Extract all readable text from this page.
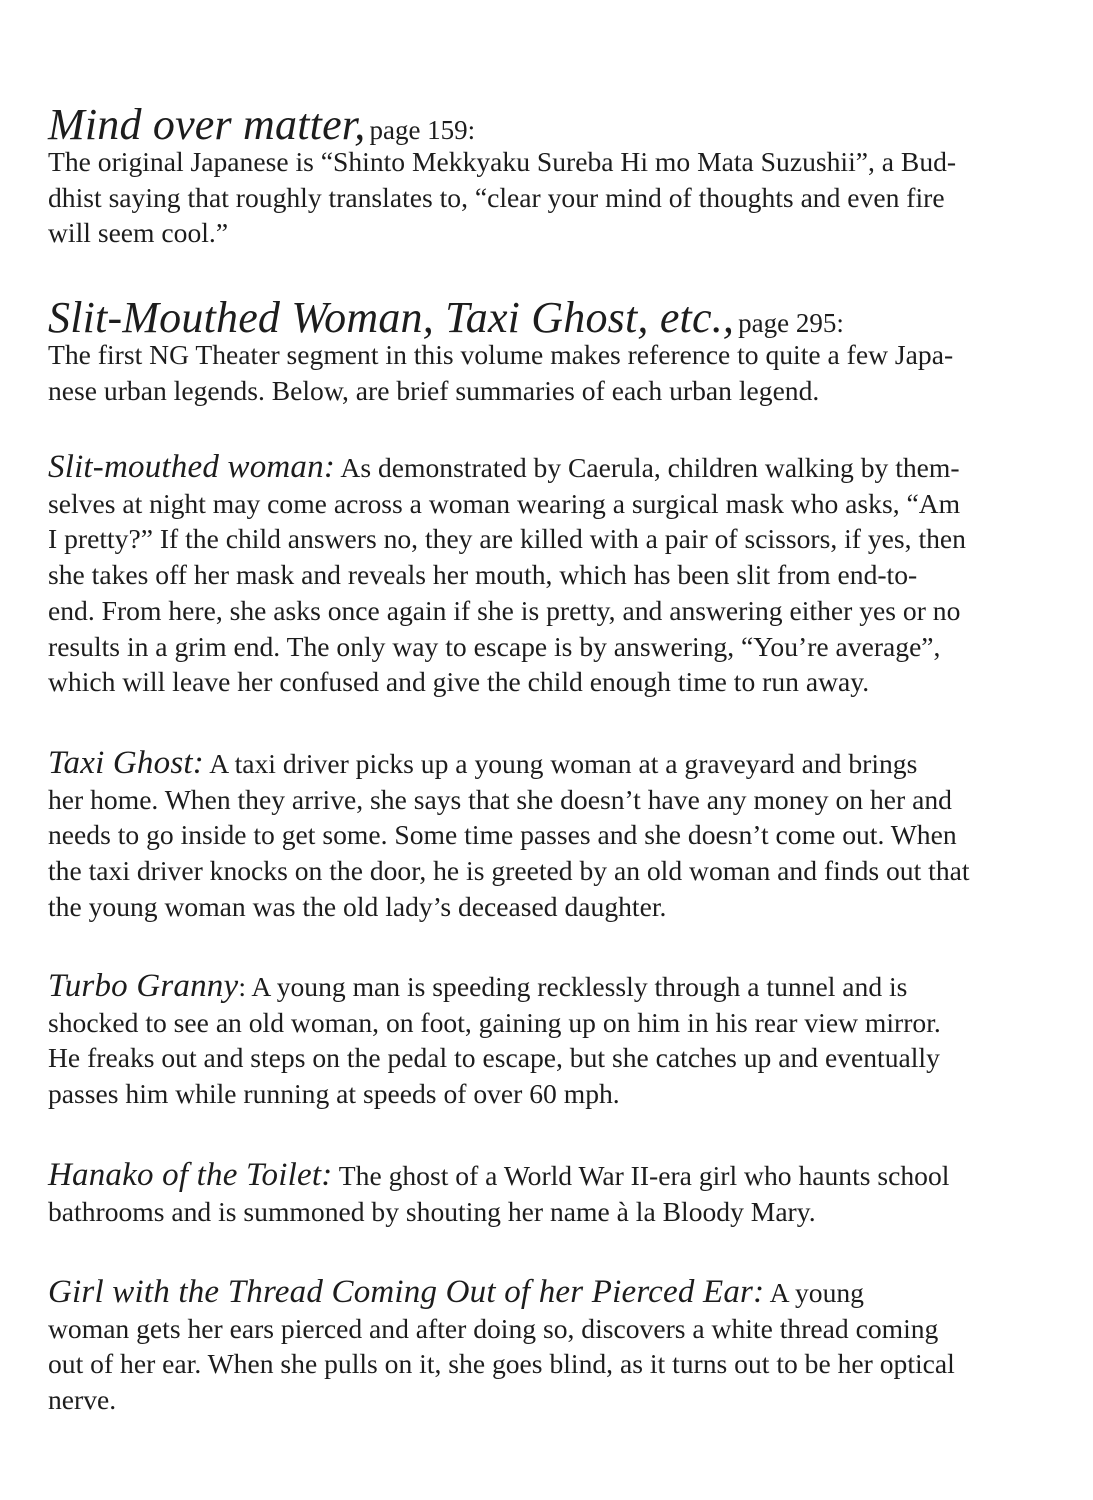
Mind over matter, page 159:

The original Japanese is “Shinto Mekkyaku Sureba Hi mo Mata Suzushii”, a Bud-
dhist saying that roughly translates to, “clear your mind of thoughts and even fire
will seem cool.”

Slit-Mouthed Woman, Taxi Ghost, etc., page 295:

The first NG Theater segment in this volume makes reference to quite a few Japa-
nese urban legends. Below, are brief summaries of each urban legend.

Slit-mouthed woman: As demonstrated by Caerula, children walking by them-
selves at night may come across a woman wearing a surgical mask who asks, “Am
I pretty?” If the child answers no, they are killed with a pair of scissors, if yes, then
she takes off her mask and reveals her mouth, which has been slit from end-to-
end. From here, she asks once again if she is pretty, and answering either yes or no
results in a grim end. The only way to escape is by answering, “You’re average”,
which will leave her confused and give the child enough time to run away.

Taxi Ghost: A taxi driver picks up a young woman at a graveyard and brings
her home. When they arrive, she says that she doesn’t have any money on her and
needs to go inside to get some. Some time passes and she doesn’t come out. When
the taxi driver knocks on the door, he is greeted by an old woman and finds out that
the young woman was the old lady’s deceased daughter.

Turbo Granny: A young man is speeding recklessly through a tunnel and is
shocked to see an old woman, on foot, gaining up on him in his rear view mirror.
He freaks out and steps on the pedal to escape, but she catches up and eventually
passes him while running at speeds of over 60 mph.

Hanako of the Toilet: The ghost of a World War II-era girl who haunts school
bathrooms and is summoned by shouting her name à la Bloody Mary.

Girl with the Thread Coming Out of her Pierced Ear: A young
woman gets her ears pierced and after doing so, discovers a white thread coming
out of her ear. When she pulls on it, she goes blind, as it turns out to be her optical
nerve.
